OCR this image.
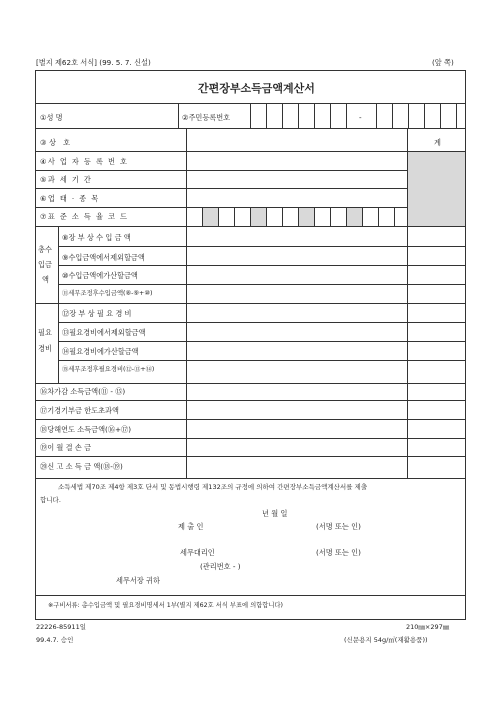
[별지 제62호 서식] (99. 5. 7. 신설)	(앞 쪽)
간편장부소득금액계산서
①성 명	②주민등록번호	-
③상 호	계
④사 업 자 등 록 번 호
⑤과 세 기 간
⑥업 태 · 종 목
⑦표 준 소 득 율 코 드
총수
입금
액
⑧장 부 상 수 입 금 액
⑨수입금액에서제외할금액
⑩수입금액에가산할금액
⑪세무조정후수입금액(⑧-⑨+⑩)
필요
경비
⑫장 부 상 필 요 경 비
⑬필요경비에서제외할금액
⑭필요경비에가산할금액
⑮세무조정후필요경비(⑫-⑬+⑭)
⑯차가감 소득금액(⑪ - ⑮)
⑰기경기부금 한도초과액
⑱당해연도 소득금액(⑯+⑰)
⑲이 월 결 손 금
⑳신 고 소 득 금 액(⑱-⑲)
소득세법 제70조 제4항 제3호 단서 및 동법시행령 제132조의 규정에 의하여 간편장부소득금액계산서를 제출
합니다.
년 월 일
제 출 인	(서명 또는 인)
세무대리인	(서명 또는 인)
(관리번호 - )
세무서장 귀하
※구비서류: 총수입금액 및 필요경비명세서 1부(별지 제62호 서식 부표에 의함합니다)
22226-85911일
99.4.7. 승인
210㎜×297㎜
(신문용지 54g/㎡(재활용품))
